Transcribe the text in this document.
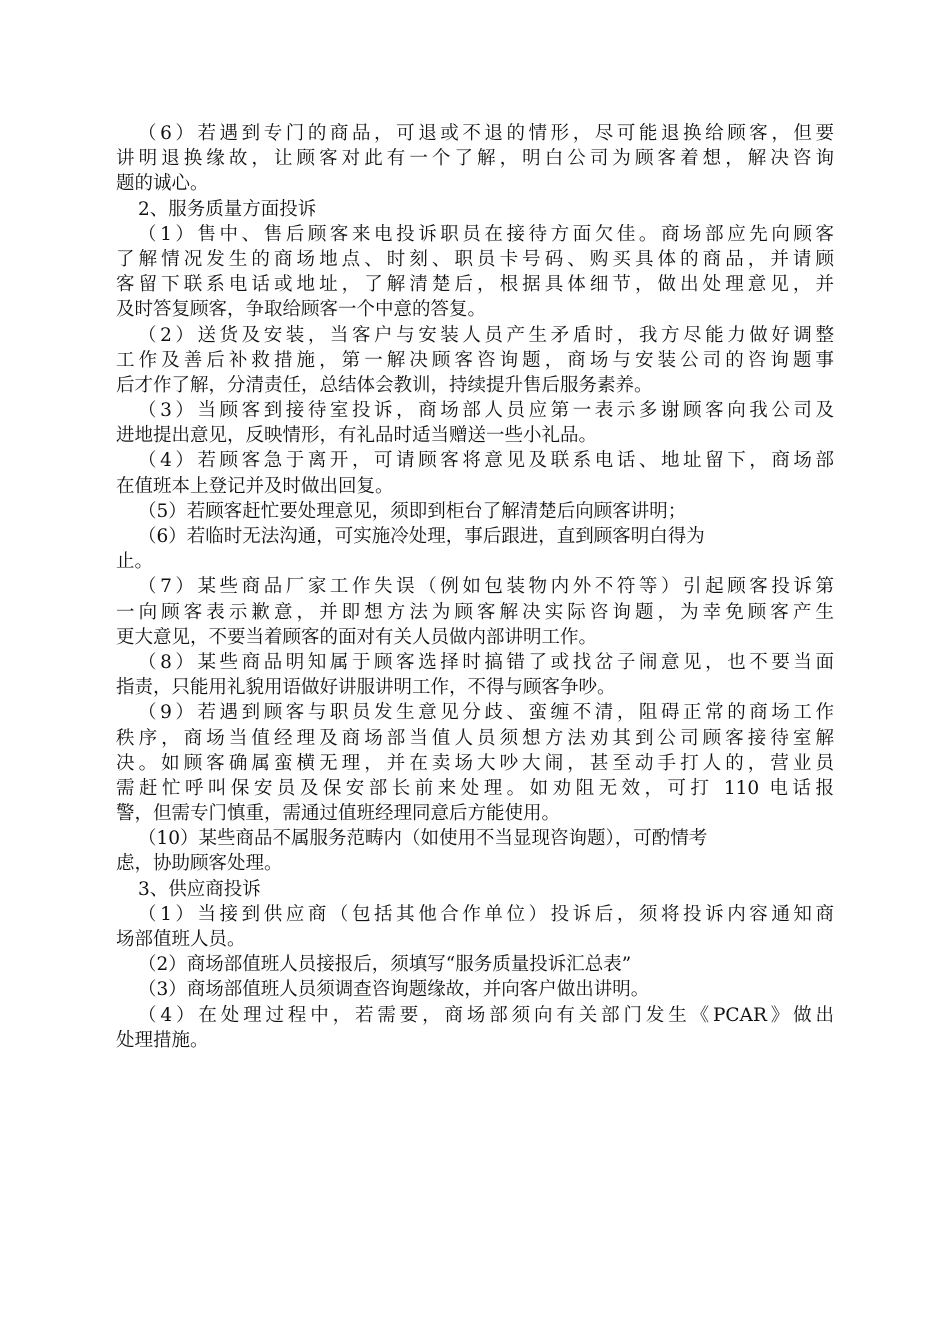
（6）若遇到专门的商品，可退或不退的情形，尽可能退换给顾客，但要
讲明退换缘故，让顾客对此有一个了解，明白公司为顾客着想，解决咨询
题的诚心。
2、服务质量方面投诉
（1）售中、售后顾客来电投诉职员在接待方面欠佳。商场部应先向顾客
了解情况发生的商场地点、时刻、职员卡号码、购买具体的商品，并请顾
客留下联系电话或地址，了解清楚后，根据具体细节，做出处理意见，并
及时答复顾客，争取给顾客一个中意的答复。
（2）送货及安装，当客户与安装人员产生矛盾时，我方尽能力做好调整
工作及善后补救措施，第一解决顾客咨询题，商场与安装公司的咨询题事
后才作了解，分清责任，总结体会教训，持续提升售后服务素养。
（3）当顾客到接待室投诉，商场部人员应第一表示多谢顾客向我公司及
进地提出意见，反映情形，有礼品时适当赠送一些小礼品。
（4）若顾客急于离开，可请顾客将意见及联系电话、地址留下，商场部
在值班本上登记并及时做出回复。
（5）若顾客赶忙要处理意见，须即到柜台了解清楚后向顾客讲明；
（6）若临时无法沟通，可实施冷处理，事后跟进，直到顾客明白得为
止。
（7）某些商品厂家工作失误（例如包装物内外不符等）引起顾客投诉第
一向顾客表示歉意，并即想方法为顾客解决实际咨询题，为幸免顾客产生
更大意见，不要当着顾客的面对有关人员做内部讲明工作。
（8）某些商品明知属于顾客选择时搞错了或找岔子闹意见，也不要当面
指责，只能用礼貌用语做好讲服讲明工作，不得与顾客争吵。
（9）若遇到顾客与职员发生意见分歧、蛮缠不清，阻碍正常的商场工作
秩序，商场当值经理及商场部当值人员须想方法劝其到公司顾客接待室解
决。如顾客确属蛮横无理，并在卖场大吵大闹，甚至动手打人的，营业员
需赶忙呼叫保安员及保安部长前来处理。如劝阻无效，可打 110 电话报
警，但需专门慎重，需通过值班经理同意后方能使用。
（10）某些商品不属服务范畴内（如使用不当显现咨询题），可酌情考
虑，协助顾客处理。
3、供应商投诉
（1）当接到供应商（包括其他合作单位）投诉后，须将投诉内容通知商
场部值班人员。
（2）商场部值班人员接报后，须填写“服务质量投诉汇总表”
（3）商场部值班人员须调查咨询题缘故，并向客户做出讲明。
（4）在处理过程中，若需要，商场部须向有关部门发生《PCAR》做出
处理措施。
